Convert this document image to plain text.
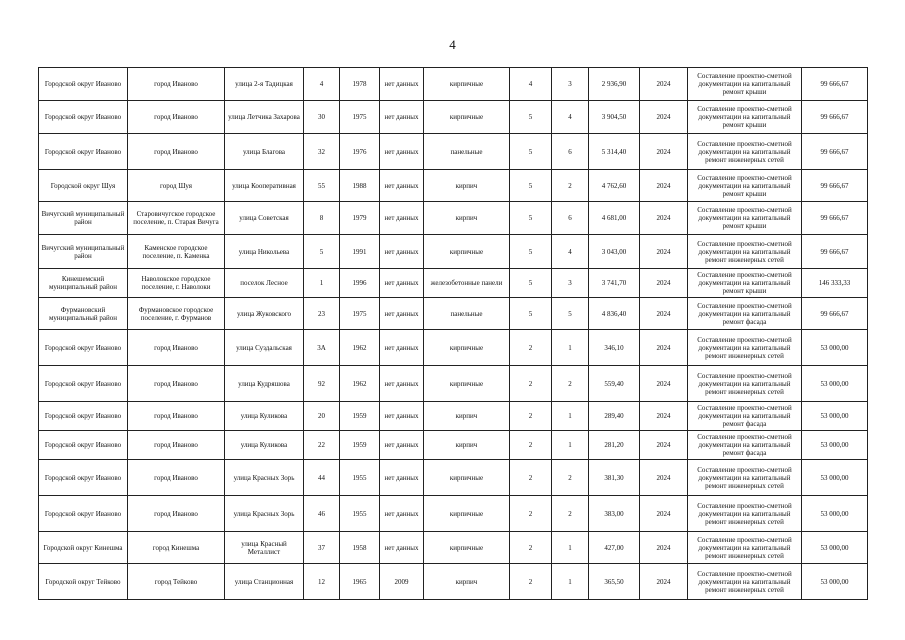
4
Городской округ Иваново	город Иваново	улица 2-я Тадицкая	4	1978	нет данных	кирпичные	4	3	2 936,90	2024	Составление проектно-сметной документации на капитальный ремонт крыши	99 666,67
Городской округ Иваново	город Иваново	улица Летчика Захарова	30	1975	нет данных	кирпичные	5	4	3 904,50	2024	Составление проектно-сметной документации на капитальный ремонт крыши	99 666,67
Городской округ Иваново	город Иваново	улица Благова	32	1976	нет данных	панельные	5	6	5 314,40	2024	Составление проектно-сметной документации на капитальный ремонт инженерных сетей	99 666,67
Городской округ Шуя	город Шуя	улица Кооперативная	55	1988	нет данных	кирпич	5	2	4 762,60	2024	Составление проектно-сметной документации на капитальный ремонт крыши	99 666,67
Вичугский муниципальный район	Старовичугское городское поселение, п. Старая Вичуга	улица Советская	8	1979	нет данных	кирпич	5	6	4 681,00	2024	Составление проектно-сметной документации на капитальный ремонт крыши	99 666,67
Вичугский муниципальный район	Каменское городское поселение, п. Каменка	улица Никольева	5	1991	нет данных	кирпичные	5	4	3 043,00	2024	Составление проектно-сметной документации на капитальный ремонт инженерных сетей	99 666,67
Кинешемский муниципальный район	Наволокское городское поселение, г. Наволоки	поселок Лесное	1	1996	нет данных	железобетонные панели	5	3	3 741,70	2024	Составление проектно-сметной документации на капитальный ремонт крыши	146 333,33
Фурмановский муниципальный район	Фурмановское городское поселение, г. Фурманов	улица Жуковского	23	1975	нет данных	панельные	5	5	4 836,40	2024	Составление проектно-сметной документации на капитальный ремонт фасада	99 666,67
Городской округ Иваново	город Иваново	улица Суздальская	3А	1962	нет данных	кирпичные	2	1	346,10	2024	Составление проектно-сметной документации на капитальный ремонт инженерных сетей	53 000,00
Городской округ Иваново	город Иваново	улица Кудряшова	92	1962	нет данных	кирпичные	2	2	559,40	2024	Составление проектно-сметной документации на капитальный ремонт инженерных сетей	53 000,00
Городской округ Иваново	город Иваново	улица Куликова	20	1959	нет данных	кирпич	2	1	289,40	2024	Составление проектно-сметной документации на капитальный ремонт фасада	53 000,00
Городской округ Иваново	город Иваново	улица Куликова	22	1959	нет данных	кирпич	2	1	281,20	2024	Составление проектно-сметной документации на капитальный ремонт фасада	53 000,00
Городской округ Иваново	город Иваново	улица Красных Зорь	44	1955	нет данных	кирпичные	2	2	381,30	2024	Составление проектно-сметной документации на капитальный ремонт инженерных сетей	53 000,00
Городской округ Иваново	город Иваново	улица Красных Зорь	46	1955	нет данных	кирпичные	2	2	383,00	2024	Составление проектно-сметной документации на капитальный ремонт инженерных сетей	53 000,00
Городской округ Кинешма	город Кинешма	улица Красный Металлист	37	1958	нет данных	кирпичные	2	1	427,00	2024	Составление проектно-сметной документации на капитальный ремонт инженерных сетей	53 000,00
Городской округ Тейково	город Тейково	улица Станционная	12	1965	2009	кирпич	2	1	365,50	2024	Составление проектно-сметной документации на капитальный ремонт инженерных сетей	53 000,00
